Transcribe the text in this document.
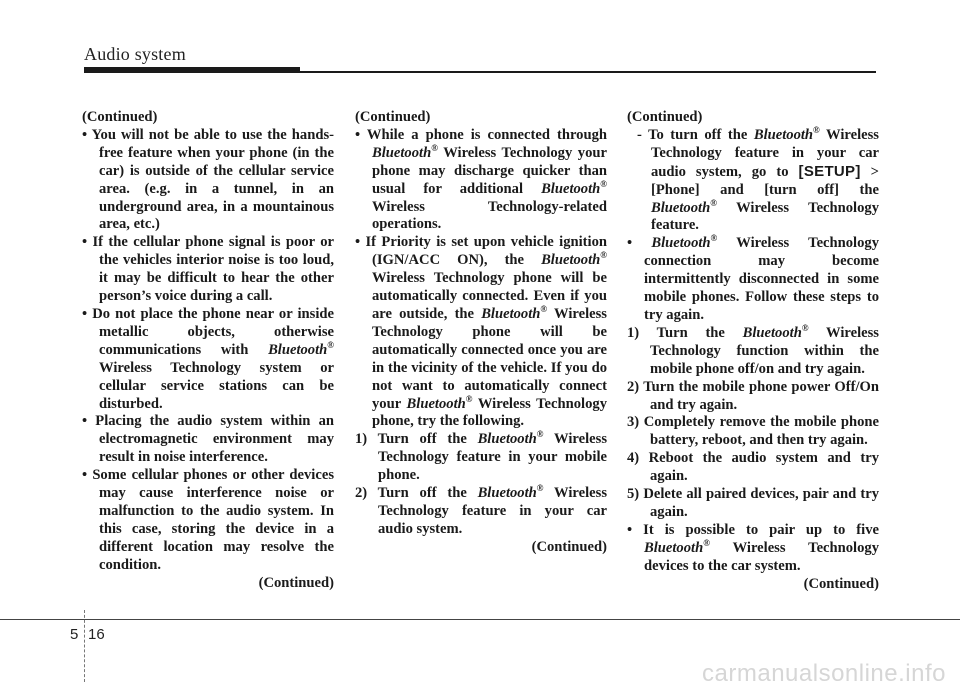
Audio system

(Continued)

• You will not be able to use the hands-free feature when your phone (in the car) is outside of the cellular service area. (e.g. in a tunnel, in an underground area, in a mountainous area, etc.)

• If the cellular phone signal is poor or the vehicles interior noise is too loud, it may be difficult to hear the other person’s voice during a call.

• Do not place the phone near or inside metallic objects, otherwise communications with Bluetooth® Wireless Technology system or cellular service stations can be disturbed.

• Placing the audio system within an electromagnetic environment may result in noise interference.

• Some cellular phones or other devices may cause interference noise or malfunction to the audio system. In this case, storing the device in a different location may resolve the condition.

(Continued)

(Continued)

• While a phone is connected through Bluetooth® Wireless Technology your phone may discharge quicker than usual for additional Bluetooth® Wireless Technology-related operations.

• If Priority is set upon vehicle ignition (IGN/ACC ON), the Bluetooth® Wireless Technology phone will be automatically connected. Even if you are outside, the Bluetooth® Wireless Technology phone will be automatically connected once you are in the vicinity of the vehicle. If you do not want to automatically connect your Bluetooth® Wireless Technology phone, try the following.

1) Turn off the Bluetooth® Wireless Technology feature in your mobile phone.

2) Turn off the Bluetooth® Wireless Technology feature in your car audio system.

(Continued)

(Continued)

- To turn off the Bluetooth® Wireless Technology feature in your car audio system, go to [SETUP] > [Phone] and [turn off] the Bluetooth® Wireless Technology feature.

• Bluetooth® Wireless Technology connection may become intermittently disconnected in some mobile phones. Follow these steps to try again.

1) Turn the Bluetooth® Wireless Technology function within the mobile phone off/on and try again.

2) Turn the mobile phone power Off/On and try again.

3) Completely remove the mobile phone battery, reboot, and then try again.

4) Reboot the audio system and try again.

5) Delete all paired devices, pair and try again.

• It is possible to pair up to five Bluetooth® Wireless Technology devices to the car system.

(Continued)

5 16
carmanualsonline.info
